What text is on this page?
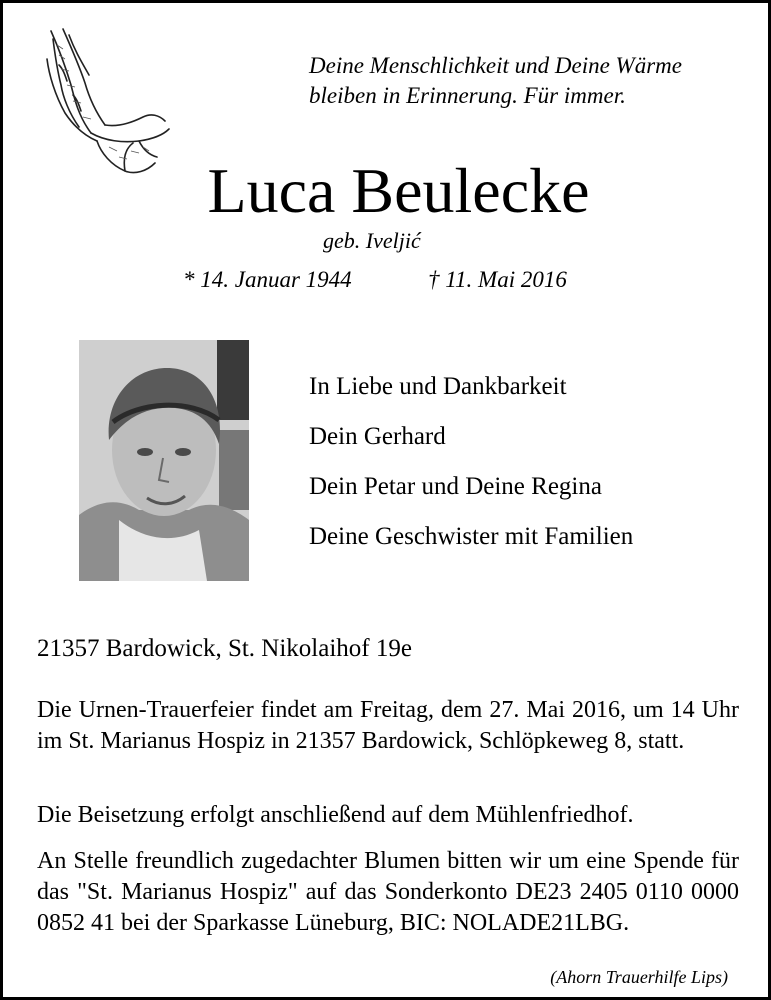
Deine Menschlichkeit und Deine Wärme
bleiben in Erinnerung. Für immer.
Luca Beulecke
geb. Iveljić
* 14. Januar 1944	† 11. Mai 2016
In Liebe und Dankbarkeit
Dein Gerhard
Dein Petar und Deine Regina
Deine Geschwister mit Familien
21357 Bardowick, St. Nikolaihof 19e
Die Urnen-Trauerfeier findet am Freitag, dem 27. Mai 2016, um 14 Uhr im St. Marianus Hospiz in 21357 Bardowick, Schlöpkeweg 8, statt.
Die Beisetzung erfolgt anschließend auf dem Mühlenfriedhof.
An Stelle freundlich zugedachter Blumen bitten wir um eine Spende für das "St. Marianus Hospiz" auf das Sonderkonto DE23 2405 0110 0000 0852 41 bei der Sparkasse Lüneburg, BIC: NOLADE21LBG.
(Ahorn Trauerhilfe Lips)
